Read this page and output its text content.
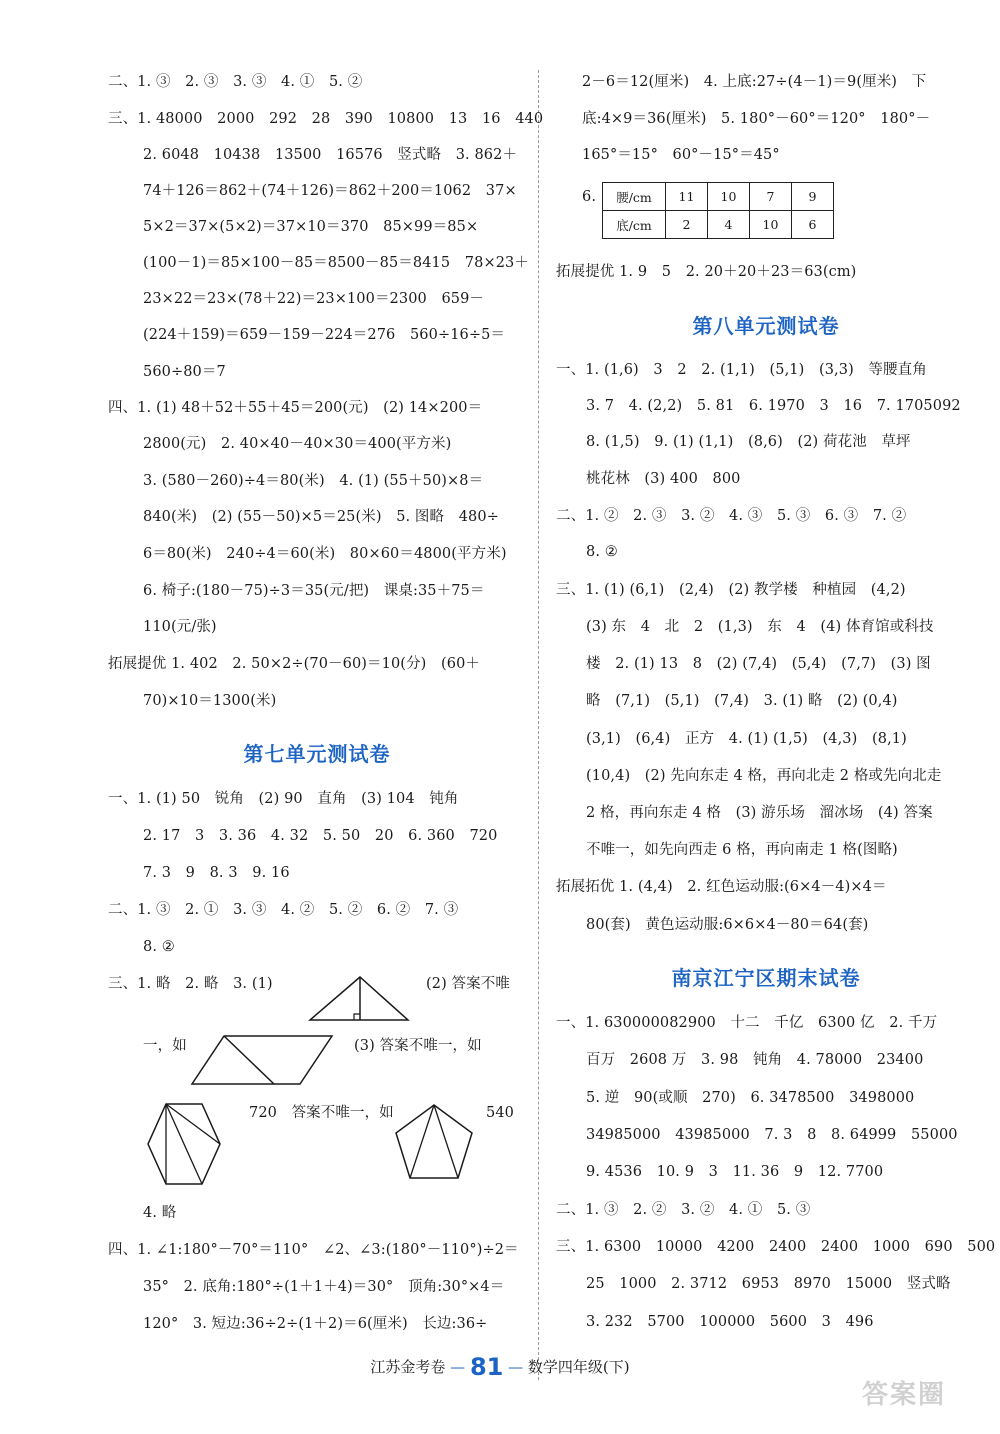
二、1. ③　2. ③　3. ③　4. ①　5. ②
三、1. 48000　2000　292　28　390　10800　13　16　440
2. 6048　10438　13500　16576　竖式略　3. 862＋
74＋126＝862＋(74＋126)＝862＋200＝1062　37×
5×2＝37×(5×2)＝37×10＝370　85×99＝85×
(100－1)＝85×100－85＝8500－85＝8415　78×23＋
23×22＝23×(78＋22)＝23×100＝2300　659－
(224＋159)＝659－159－224＝276　560÷16÷5＝
560÷80＝7
四、1. (1) 48＋52＋55＋45＝200(元)　(2) 14×200＝
2800(元)　2. 40×40－40×30＝400(平方米)
3. (580－260)÷4＝80(米)　4. (1) (55＋50)×8＝
840(米)　(2) (55－50)×5＝25(米)　5. 图略　480÷
6＝80(米)　240÷4＝60(米)　80×60＝4800(平方米)
6. 椅子:(180－75)÷3＝35(元/把)　课桌:35＋75＝
110(元/张)
拓展提优 1. 402　2. 50×2÷(70－60)＝10(分)　(60＋
70)×10＝1300(米)
第七单元测试卷
一、1. (1) 50　锐角　(2) 90　直角　(3) 104　钝角
2. 17　3　3. 36　4. 32　5. 50　20　6. 360　720
7. 3　9　8. 3　9. 16
二、1. ③　2. ①　3. ③　4. ②　5. ②　6. ②　7. ③
8. ②
三、1. 略　2. 略　3. (1)	(2) 答案不唯
一，如	(3) 答案不唯一，如
720　答案不唯一，如	540
4. 略
四、1. ∠1:180°－70°＝110°　∠2、∠3:(180°－110°)÷2＝
35°　2. 底角:180°÷(1＋1＋4)＝30°　顶角:30°×4＝
120°　3. 短边:36÷2÷(1＋2)＝6(厘米)　长边:36÷
2－6＝12(厘米)　4. 上底:27÷(4－1)＝9(厘米)　下
底:4×9＝36(厘米)　5. 180°－60°＝120°　180°－
165°＝15°　60°－15°＝45°
6. 腰/cm	11	10	7	9
底/cm	2	4	10	6
拓展提优 1. 9　5　2. 20＋20＋23＝63(cm)
第八单元测试卷
一、1. (1,6)　3　2　2. (1,1)　(5,1)　(3,3)　等腰直角
3. 7　4. (2,2)　5. 81　6. 1970　3　16　7. 1705092
8. (1,5)　9. (1) (1,1)　(8,6)　(2) 荷花池　草坪
桃花林　(3) 400　800
二、1. ②　2. ③　3. ②　4. ③　5. ③　6. ③　7. ②
8. ②
三、1. (1) (6,1)　(2,4)　(2) 教学楼　种植园　(4,2)
(3) 东　4　北　2　(1,3)　东　4　(4) 体育馆或科技
楼　2. (1) 13　8　(2) (7,4)　(5,4)　(7,7)　(3) 图
略　(7,1)　(5,1)　(7,4)　3. (1) 略　(2) (0,4)
(3,1)　(6,4)　正方　4. (1) (1,5)　(4,3)　(8,1)
(10,4)　(2) 先向东走 4 格，再向北走 2 格或先向北走
2 格，再向东走 4 格　(3) 游乐场　溜冰场　(4) 答案
不唯一，如先向西走 6 格，再向南走 1 格(图略)
拓展拓优 1. (4,4)　2. 红色运动服:(6×4－4)×4＝
80(套)　黄色运动服:6×6×4－80＝64(套)
南京江宁区期末试卷
一、1. 630000082900　十二　千亿　6300 亿　2. 千万
百万　2608 万　3. 98　钝角　4. 78000　23400
5. 逆　90(或顺　270)　6. 3478500　3498000
34985000　43985000　7. 3　8　8. 64999　55000
9. 4536　10. 9　3　11. 36　9　12. 7700
二、1. ③　2. ②　3. ②　4. ①　5. ③
三、1. 6300　10000　4200　2400　2400　1000　690　500
25　1000　2. 3712　6953　8970　15000　竖式略
3. 232　5700　100000　5600　3　496
江苏金考卷 — 81 — 数学四年级(下)
答案圈
